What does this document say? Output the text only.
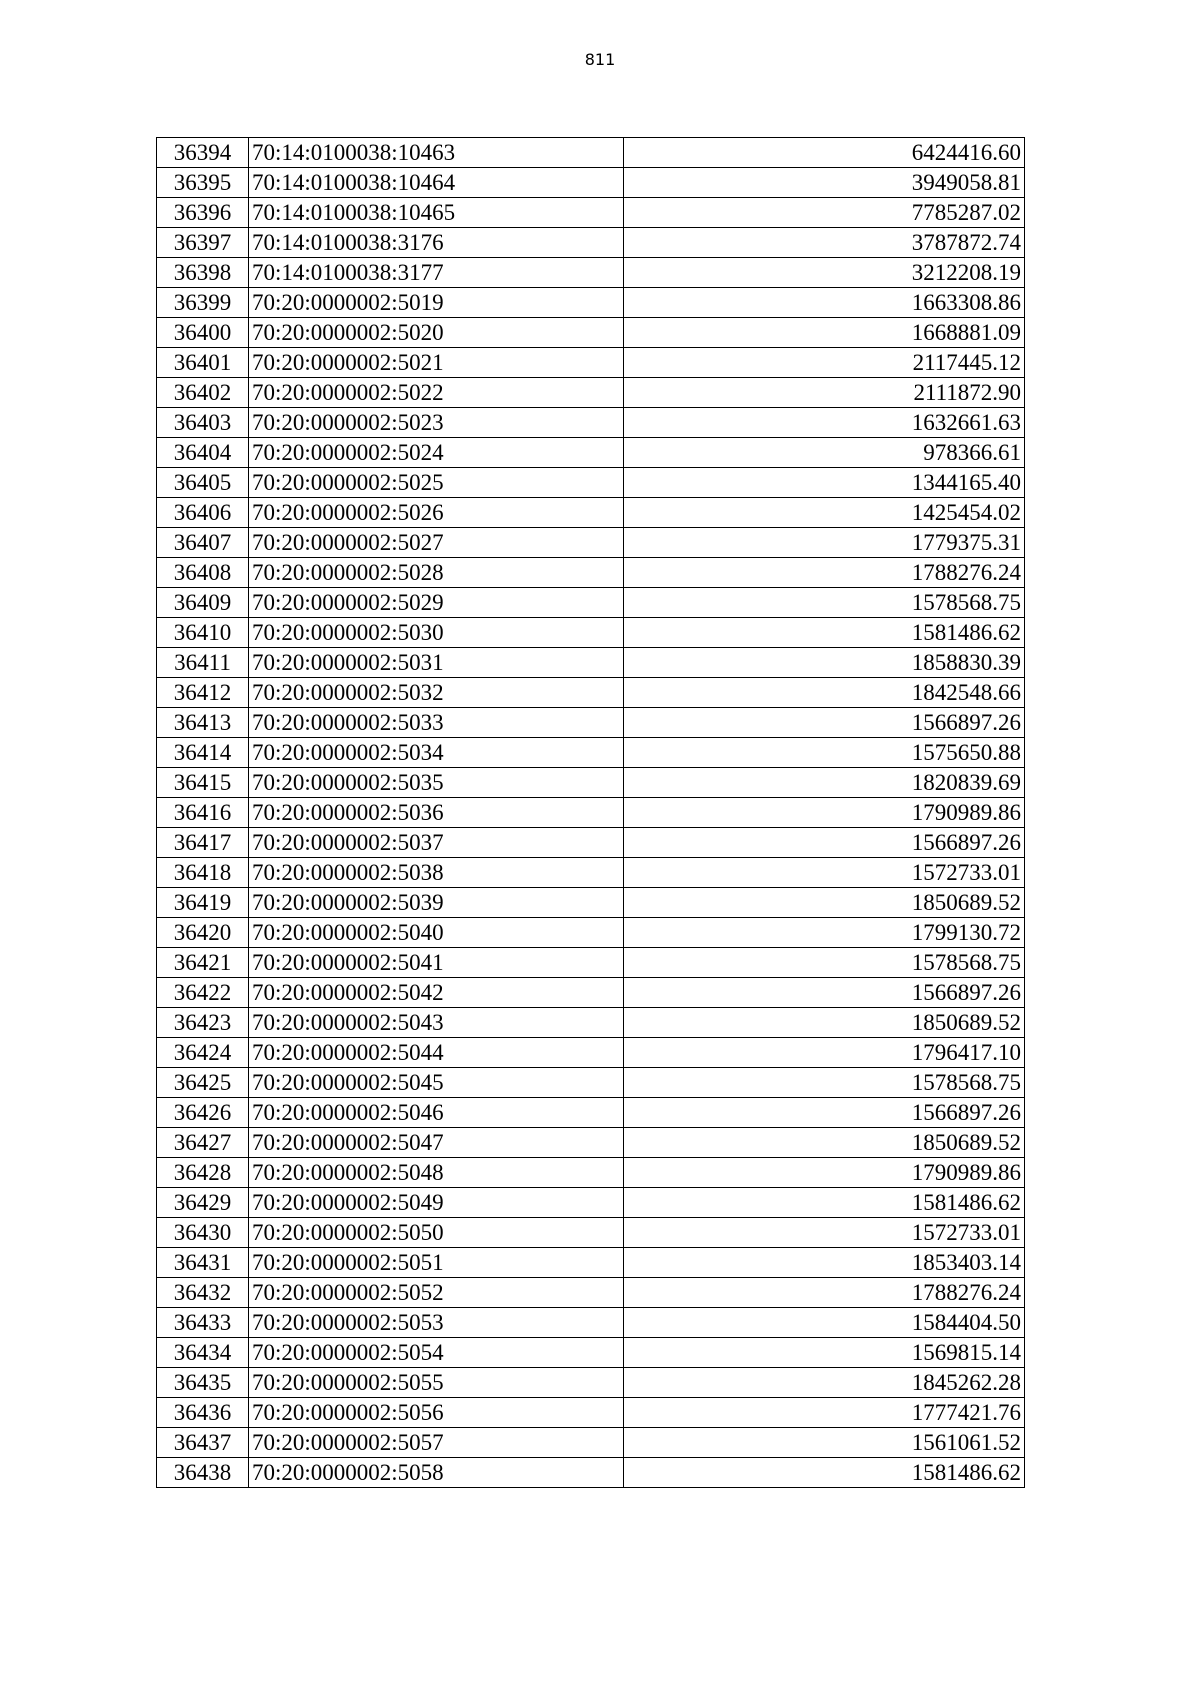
811
36394	70:14:0100038:10463	6424416.60
36395	70:14:0100038:10464	3949058.81
36396	70:14:0100038:10465	7785287.02
36397	70:14:0100038:3176	3787872.74
36398	70:14:0100038:3177	3212208.19
36399	70:20:0000002:5019	1663308.86
36400	70:20:0000002:5020	1668881.09
36401	70:20:0000002:5021	2117445.12
36402	70:20:0000002:5022	2111872.90
36403	70:20:0000002:5023	1632661.63
36404	70:20:0000002:5024	978366.61
36405	70:20:0000002:5025	1344165.40
36406	70:20:0000002:5026	1425454.02
36407	70:20:0000002:5027	1779375.31
36408	70:20:0000002:5028	1788276.24
36409	70:20:0000002:5029	1578568.75
36410	70:20:0000002:5030	1581486.62
36411	70:20:0000002:5031	1858830.39
36412	70:20:0000002:5032	1842548.66
36413	70:20:0000002:5033	1566897.26
36414	70:20:0000002:5034	1575650.88
36415	70:20:0000002:5035	1820839.69
36416	70:20:0000002:5036	1790989.86
36417	70:20:0000002:5037	1566897.26
36418	70:20:0000002:5038	1572733.01
36419	70:20:0000002:5039	1850689.52
36420	70:20:0000002:5040	1799130.72
36421	70:20:0000002:5041	1578568.75
36422	70:20:0000002:5042	1566897.26
36423	70:20:0000002:5043	1850689.52
36424	70:20:0000002:5044	1796417.10
36425	70:20:0000002:5045	1578568.75
36426	70:20:0000002:5046	1566897.26
36427	70:20:0000002:5047	1850689.52
36428	70:20:0000002:5048	1790989.86
36429	70:20:0000002:5049	1581486.62
36430	70:20:0000002:5050	1572733.01
36431	70:20:0000002:5051	1853403.14
36432	70:20:0000002:5052	1788276.24
36433	70:20:0000002:5053	1584404.50
36434	70:20:0000002:5054	1569815.14
36435	70:20:0000002:5055	1845262.28
36436	70:20:0000002:5056	1777421.76
36437	70:20:0000002:5057	1561061.52
36438	70:20:0000002:5058	1581486.62
